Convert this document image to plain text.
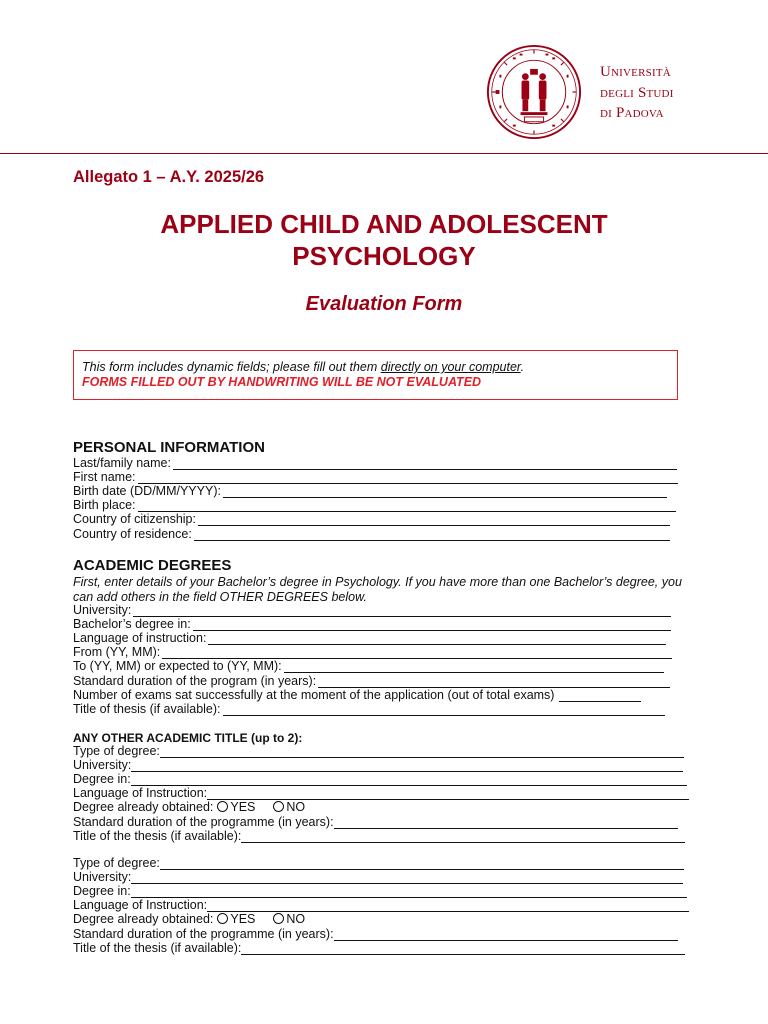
Università
degli Studi
di Padova
Allegato 1 – A.Y. 2025/26
APPLIED CHILD AND ADOLESCENT
PSYCHOLOGY
Evaluation Form
This form includes dynamic fields; please fill out them directly on your computer.
FORMS FILLED OUT BY HANDWRITING WILL BE NOT EVALUATED
PERSONAL INFORMATION
Last/family name:
First name:
Birth date (DD/MM/YYYY):
Birth place:
Country of citizenship:
Country of residence:
ACADEMIC DEGREES
First, enter details of your Bachelor’s degree in Psychology. If you have more than one Bachelor’s degree, you can add others in the field OTHER DEGREES below.
University:
Bachelor’s degree in:
Language of instruction:
From (YY, MM):
To (YY, MM) or expected to (YY, MM):
Standard duration of the program (in years):
Number of exams sat successfully at the moment of the application (out of total exams)
Title of thesis (if available):
ANY OTHER ACADEMIC TITLE (up to 2):
Type of degree:
University:
Degree in:
Language of Instruction:
Degree already obtained:	YES	NO
Standard duration of the programme (in years):
Title of the thesis (if available):
Type of degree:
University:
Degree in:
Language of Instruction:
Degree already obtained:	YES	NO
Standard duration of the programme (in years):
Title of the thesis (if available):
